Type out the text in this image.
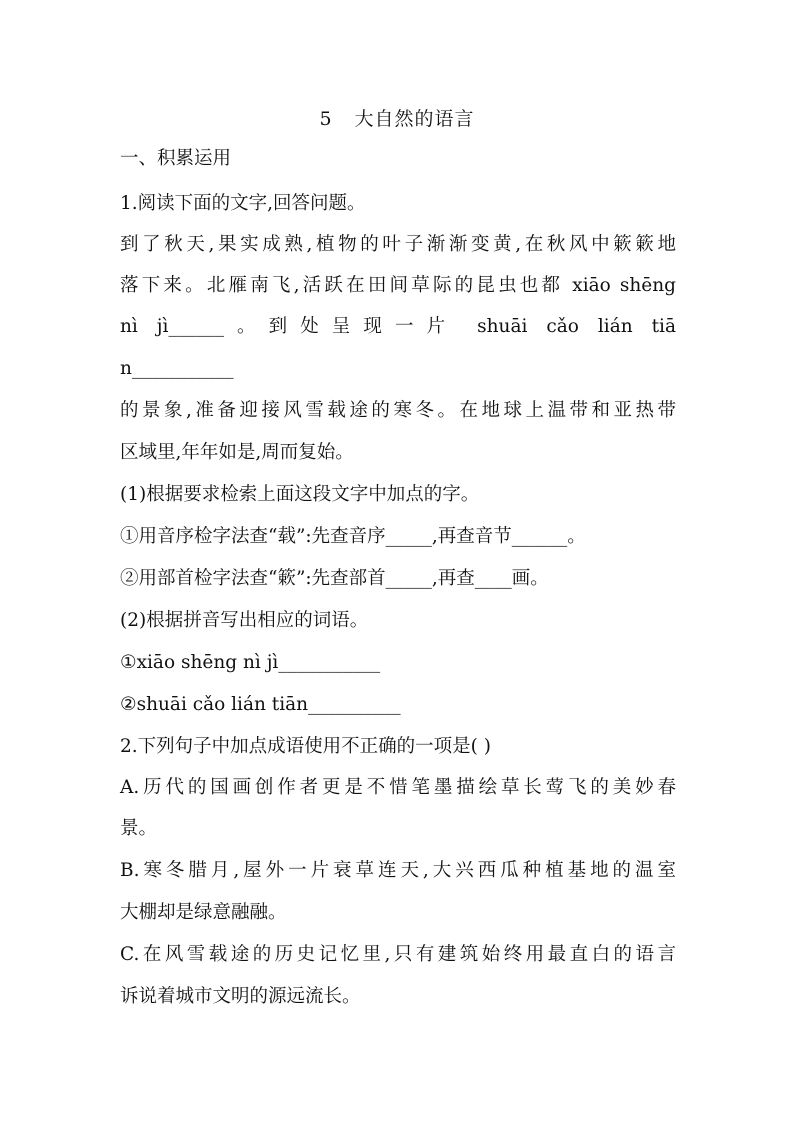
5 大自然的语言
一、积累运用
1.阅读下面的文字,回答问题。
到了秋天,果实成熟,植物的叶子渐渐变黄,在秋风中簌簌地
落下来。北雁南飞,活跃在田间草际的昆虫也都 xiāo shēng
nì jì______。到处呈现一片 shuāi cǎo lián tiā
n___________
的景象,准备迎接风雪载途的寒冬。在地球上温带和亚热带
区域里,年年如是,周而复始。
(1)根据要求检索上面这段文字中加点的字。
①用音序检字法查“载”:先查音序_____,再查音节______。
②用部首检字法查“簌”:先查部首_____,再查____画。
(2)根据拼音写出相应的词语。
①xiāo shēng nì jì___________
②shuāi cǎo lián tiān__________
2.下列句子中加点成语使用不正确的一项是( )
A.历代的国画创作者更是不惜笔墨描绘草长莺飞的美妙春
景。
B.寒冬腊月,屋外一片衰草连天,大兴西瓜种植基地的温室
大棚却是绿意融融。
C.在风雪载途的历史记忆里,只有建筑始终用最直白的语言
诉说着城市文明的源远流长。
